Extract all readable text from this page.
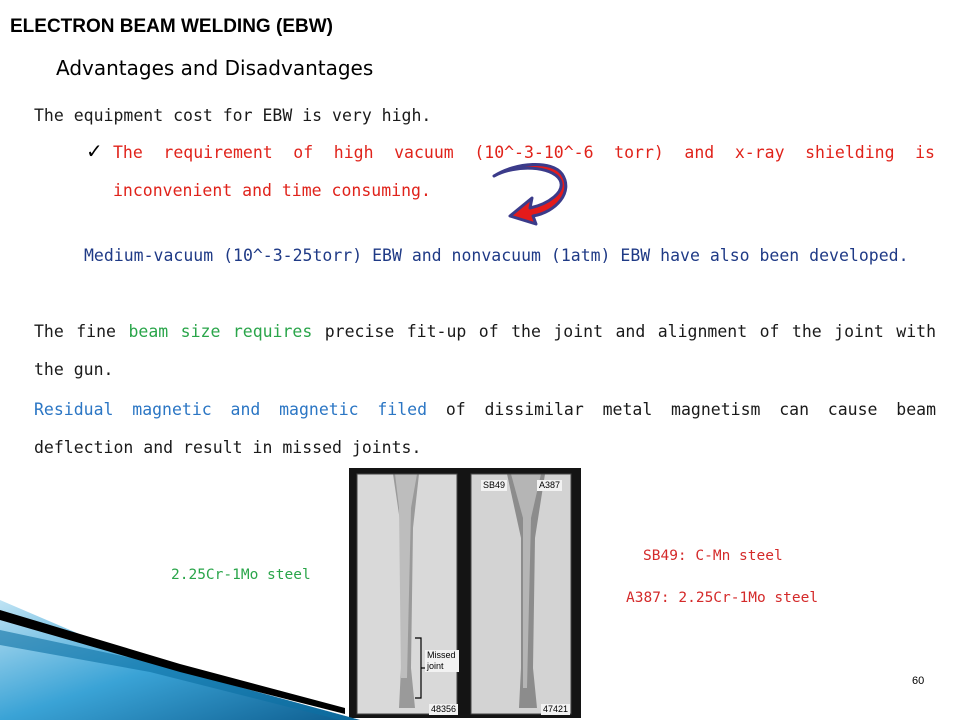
ELECTRON BEAM WELDING (EBW)
Advantages and Disadvantages
The equipment cost for EBW is very high.
✓ The requirement of high vacuum (10^-3-10^-6 torr) and x-ray shielding is inconvenient and time consuming.
Medium-vacuum (10^-3-25torr) EBW and nonvacuum (1atm) EBW have also been developed.
The fine beam size requires precise fit-up of the joint and alignment of the joint with the gun.
Residual magnetic and magnetic filed of dissimilar metal magnetism can cause beam deflection and result in missed joints.
SB49	A387
Missed joint
48356	47421
2.25Cr-1Mo steel
SB49: C-Mn steel
A387: 2.25Cr-1Mo steel
60
